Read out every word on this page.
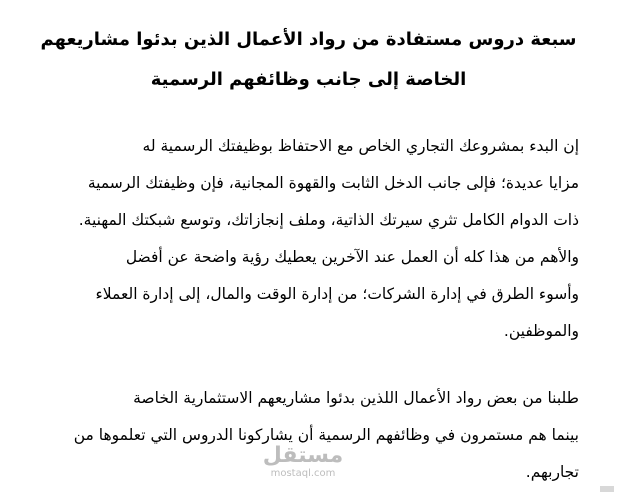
سبعة دروس مستفادة من رواد الأعمال الذين بدئوا مشاريعهم
الخاصة إلى جانب وظائفهم الرسمية
إن البدء بمشروعك التجاري الخاص مع الاحتفاظ بوظيفتك الرسمية له
مزايا عديدة؛ فإلى جانب الدخل الثابت والقهوة المجانية، فإن وظيفتك الرسمية
ذات الدوام الكامل تثري سيرتك الذاتية، وملف إنجازاتك، وتوسع شبكتك المهنية.
والأهم من هذا كله أن العمل عند الآخرين يعطيك رؤية واضحة عن أفضل
وأسوء الطرق في إدارة الشركات؛ من إدارة الوقت والمال، إلى إدارة العملاء
والموظفين.
طلبنا من بعض رواد الأعمال اللذين بدئوا مشاريعهم الاستثمارية الخاصة
بينما هم مستمرون في وظائفهم الرسمية أن يشاركونا الدروس التي تعلموها من
تجاربهم.
مستقل
mostaql.com
